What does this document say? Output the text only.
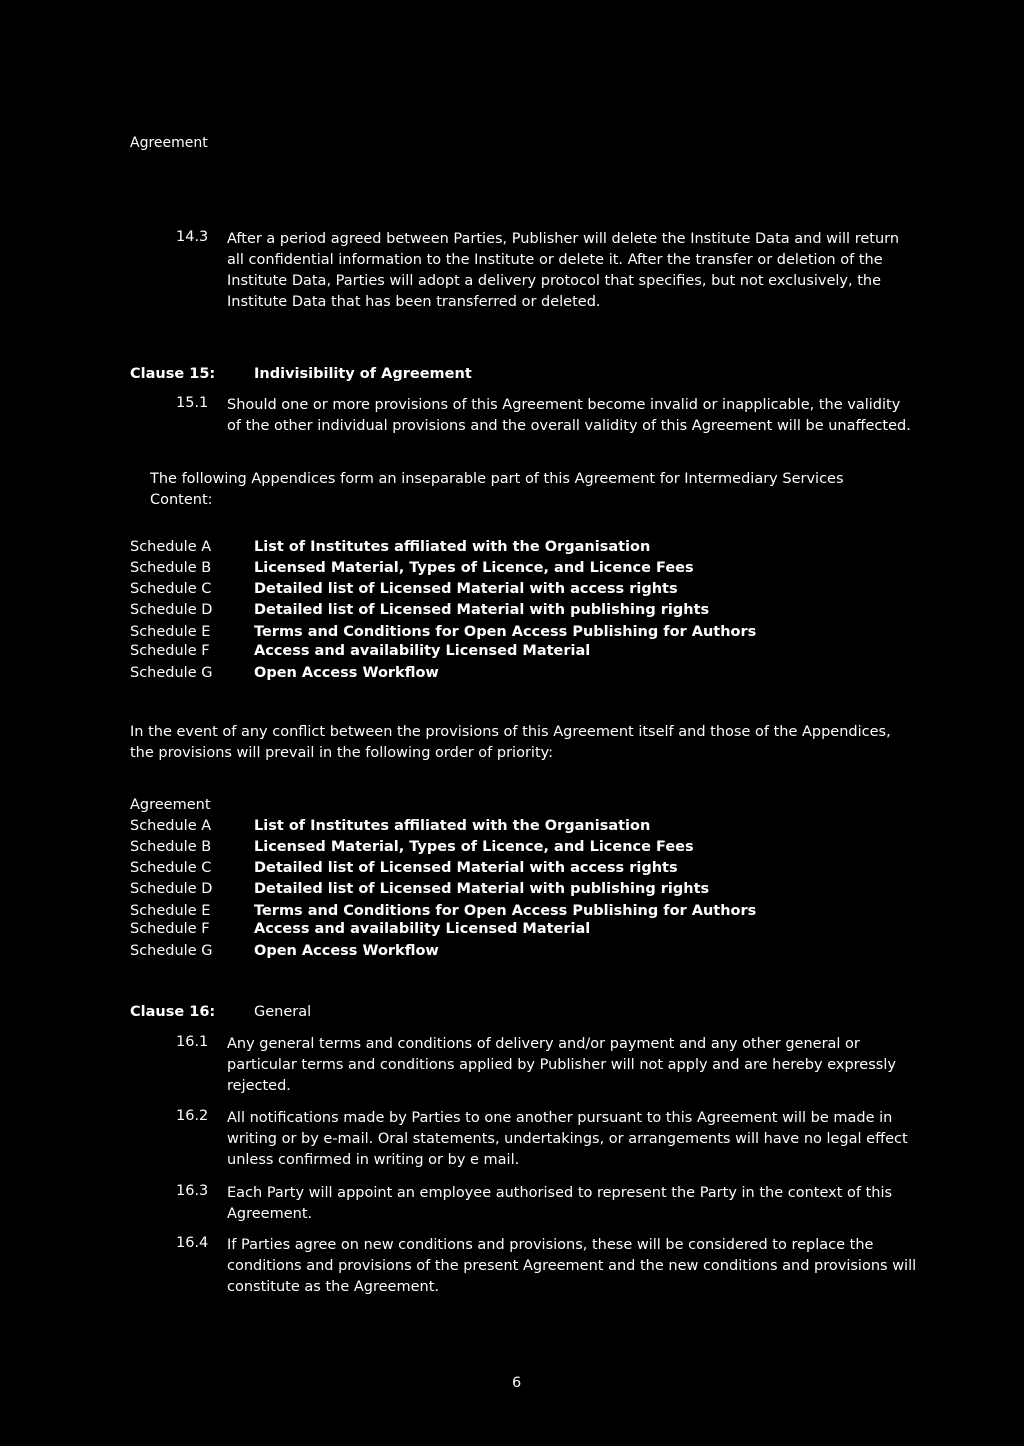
Agreement
14.3 After a period agreed between Parties, Publisher will delete the Institute Data and will return all confidential information to the Institute or delete it. After the transfer or deletion of the Institute Data, Parties will adopt a delivery protocol that specifies, but not exclusively, the Institute Data that has been transferred or deleted.
Clause 15:	Indivisibility of Agreement
15.1 Should one or more provisions of this Agreement become invalid or inapplicable, the validity of the other individual provisions and the overall validity of this Agreement will be unaffected.
The following Appendices form an inseparable part of this Agreement for Intermediary Services Content:
Schedule A	List of Institutes affiliated with the Organisation
Schedule B	Licensed Material, Types of Licence, and Licence Fees
Schedule C	Detailed list of Licensed Material with access rights
Schedule D	Detailed list of Licensed Material with publishing rights
Schedule E	Terms and Conditions for Open Access Publishing for Authors
Schedule F	Access and availability Licensed Material
Schedule G	Open Access Workflow
In the event of any conflict between the provisions of this Agreement itself and those of the Appendices, the provisions will prevail in the following order of priority:
Agreement
Schedule A	List of Institutes affiliated with the Organisation
Schedule B	Licensed Material, Types of Licence, and Licence Fees
Schedule C	Detailed list of Licensed Material with access rights
Schedule D	Detailed list of Licensed Material with publishing rights
Schedule E	Terms and Conditions for Open Access Publishing for Authors
Schedule F	Access and availability Licensed Material
Schedule G	Open Access Workflow
Clause 16:	General
16.1 Any general terms and conditions of delivery and/or payment and any other general or particular terms and conditions applied by Publisher will not apply and are hereby expressly rejected.
16.2 All notifications made by Parties to one another pursuant to this Agreement will be made in writing or by e-mail. Oral statements, undertakings, or arrangements will have no legal effect unless confirmed in writing or by e mail.
16.3 Each Party will appoint an employee authorised to represent the Party in the context of this Agreement.
16.4 If Parties agree on new conditions and provisions, these will be considered to replace the conditions and provisions of the present Agreement and the new conditions and provisions will constitute as the Agreement.
6
